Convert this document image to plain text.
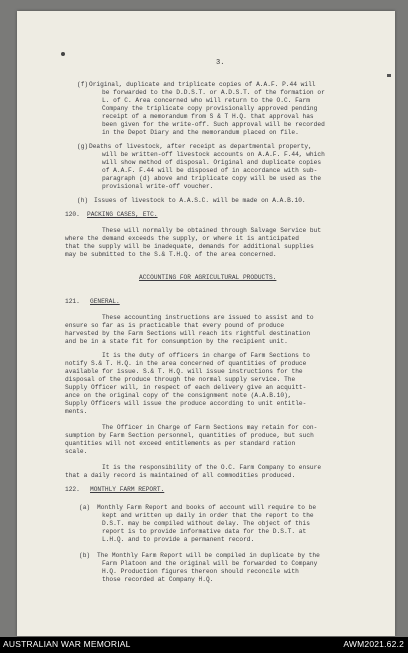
3.
(f) Original, duplicate and triplicate copies of A.A.F. P.44 will
be forwarded to the D.D.S.T. or A.D.S.T. of the formation or
L. of C. Area concerned who will return to the O.C. Farm
Company the triplicate copy provisionally approved pending
receipt of a memorandum from S & T H.Q. that approval has
been given for the write-off. Such approval will be recorded
in the Depot Diary and the memorandum placed on file.
(g) Deaths of livestock, after receipt as departmental property,
will be written-off livestock accounts on A.A.F. F.44, which
will show method of disposal. Original and duplicate copies
of A.A.F. F.44 will be disposed of in accordance with sub-
paragraph (d) above and triplicate copy will be used as the
provisional write-off voucher.
(h) Issues of livestock to A.A.S.C. will be made on A.A.B.10.
120. PACKING CASES, ETC.
These will normally be obtained through Salvage Service but
where the demand exceeds the supply, or where it is anticipated
that the supply will be inadequate, demands for additional supplies
may be submitted to the S.& T.H.Q. of the area concerned.
ACCOUNTING FOR AGRICULTURAL PRODUCTS.
121. GENERAL.
These accounting instructions are issued to assist and to
ensure so far as is practicable that every pound of produce
harvested by the Farm Sections will reach its rightful destination
and be in a state fit for consumption by the recipient unit.
It is the duty of officers in charge of Farm Sections to
notify S.& T. H.Q. in the area concerned of quantities of produce
available for issue. S.& T. H.Q. will issue instructions for the
disposal of the produce through the normal supply service. The
Supply Officer will, in respect of each delivery give an acquitt-
ance on the original copy of the consignment note (A.A.B.10),
Supply Officers will issue the produce according to unit entitle-
ments.
The Officer in Charge of Farm Sections may retain for con-
sumption by Farm Section personnel, quantities of produce, but such
quantities will not exceed entitlements as per standard ration
scale.
It is the responsibility of the O.C. Farm Company to ensure
that a daily record is maintained of all commodities produced.
122. MONTHLY FARM REPORT.
(a) Monthly Farm Report and books of account will require to be
kept and written up daily in order that the report to the
D.S.T. may be compiled without delay. The object of this
report is to provide informative data for the D.S.T. at
L.H.Q. and to provide a permanent record.
(b) The Monthly Farm Report will be compiled in duplicate by the
Farm Platoon and the original will be forwarded to Company
H.Q. Production figures thereon should reconcile with
those recorded at Company H.Q.
AUSTRALIAN WAR MEMORIAL	AWM2021.62.2
